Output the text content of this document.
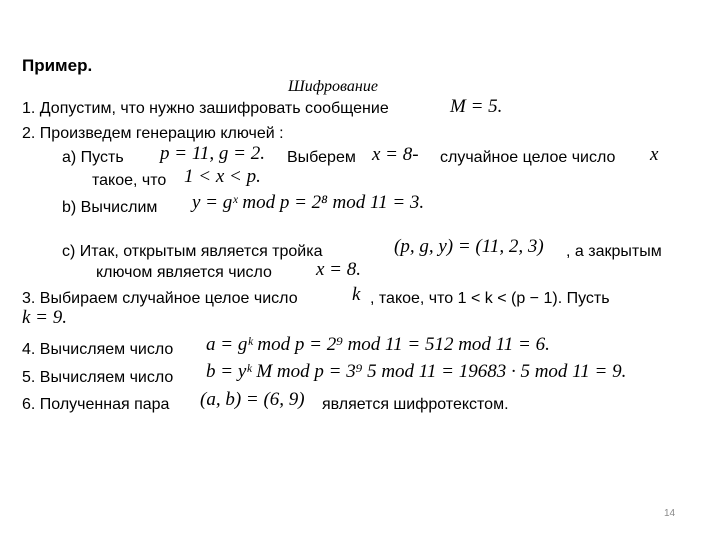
Пример.
Шифрование
1. Допустим, что нужно зашифровать сообщение	M = 5.
2. Произведем генерацию ключей :
а) Пусть p = 11, g = 2. Выберем x = 8- случайное целое число x
такое, что 1 < x < p.
b) Вычислим y = gˣ mod p = 2⁸ mod 11 = 3.
c) Итак, открытым является тройка	(p, g, y) = (11, 2, 3) , а закрытым
ключом является число x = 8.
3. Выбираем случайное целое число	k , такое, что 1 < k < (p − 1). Пусть
k = 9.
4. Вычисляем число a = gᵏ mod p = 2⁹ mod 11 = 512 mod 11 = 6.
5. Вычисляем число b = yᵏ M mod p = 3⁹ 5 mod 11 = 19683 · 5 mod 11 = 9.
6. Полученная пара (a, b) = (6, 9) является шифротекстом.
14
